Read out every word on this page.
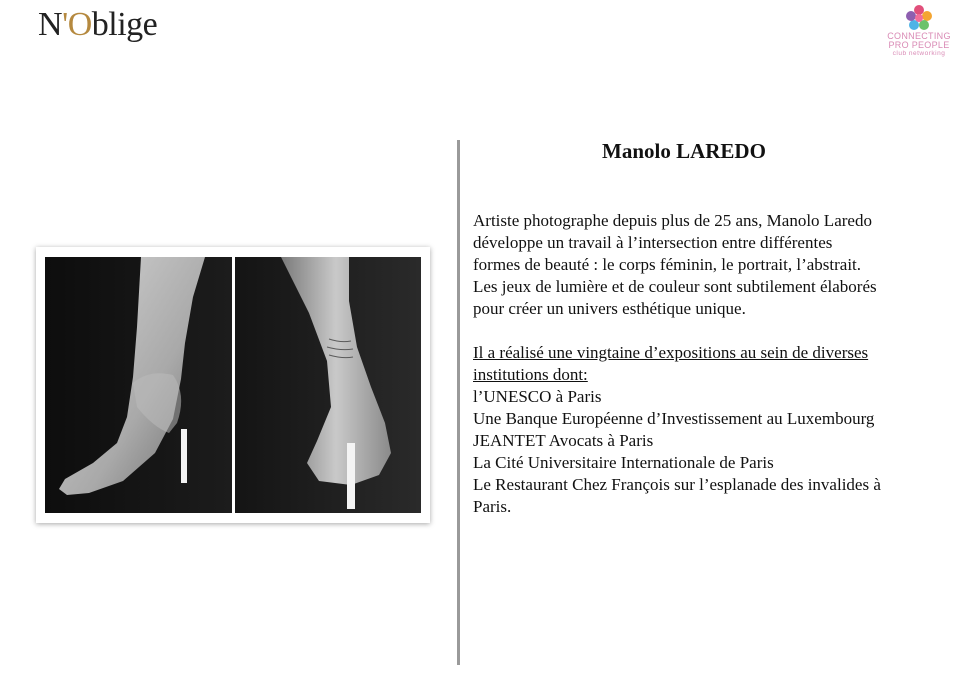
N'Oblige	CONNECTING
PRO PEOPLE
club networking
Manolo LAREDO

Artiste photographe depuis plus de 25 ans, Manolo Laredo

développe un travail à l’intersection entre différentes

formes de beauté : le corps féminin, le portrait, l’abstrait.

Les jeux de lumière et de couleur sont subtilement élaborés

pour créer un univers esthétique unique.

Il a réalisé une vingtaine d’expositions au sein de diverses

institutions dont:

l’UNESCO à Paris

Une Banque Européenne d’Investissement au Luxembourg

JEANTET Avocats à Paris

La Cité Universitaire Internationale de Paris

Le Restaurant Chez François sur l’esplanade des invalides à

Paris.
